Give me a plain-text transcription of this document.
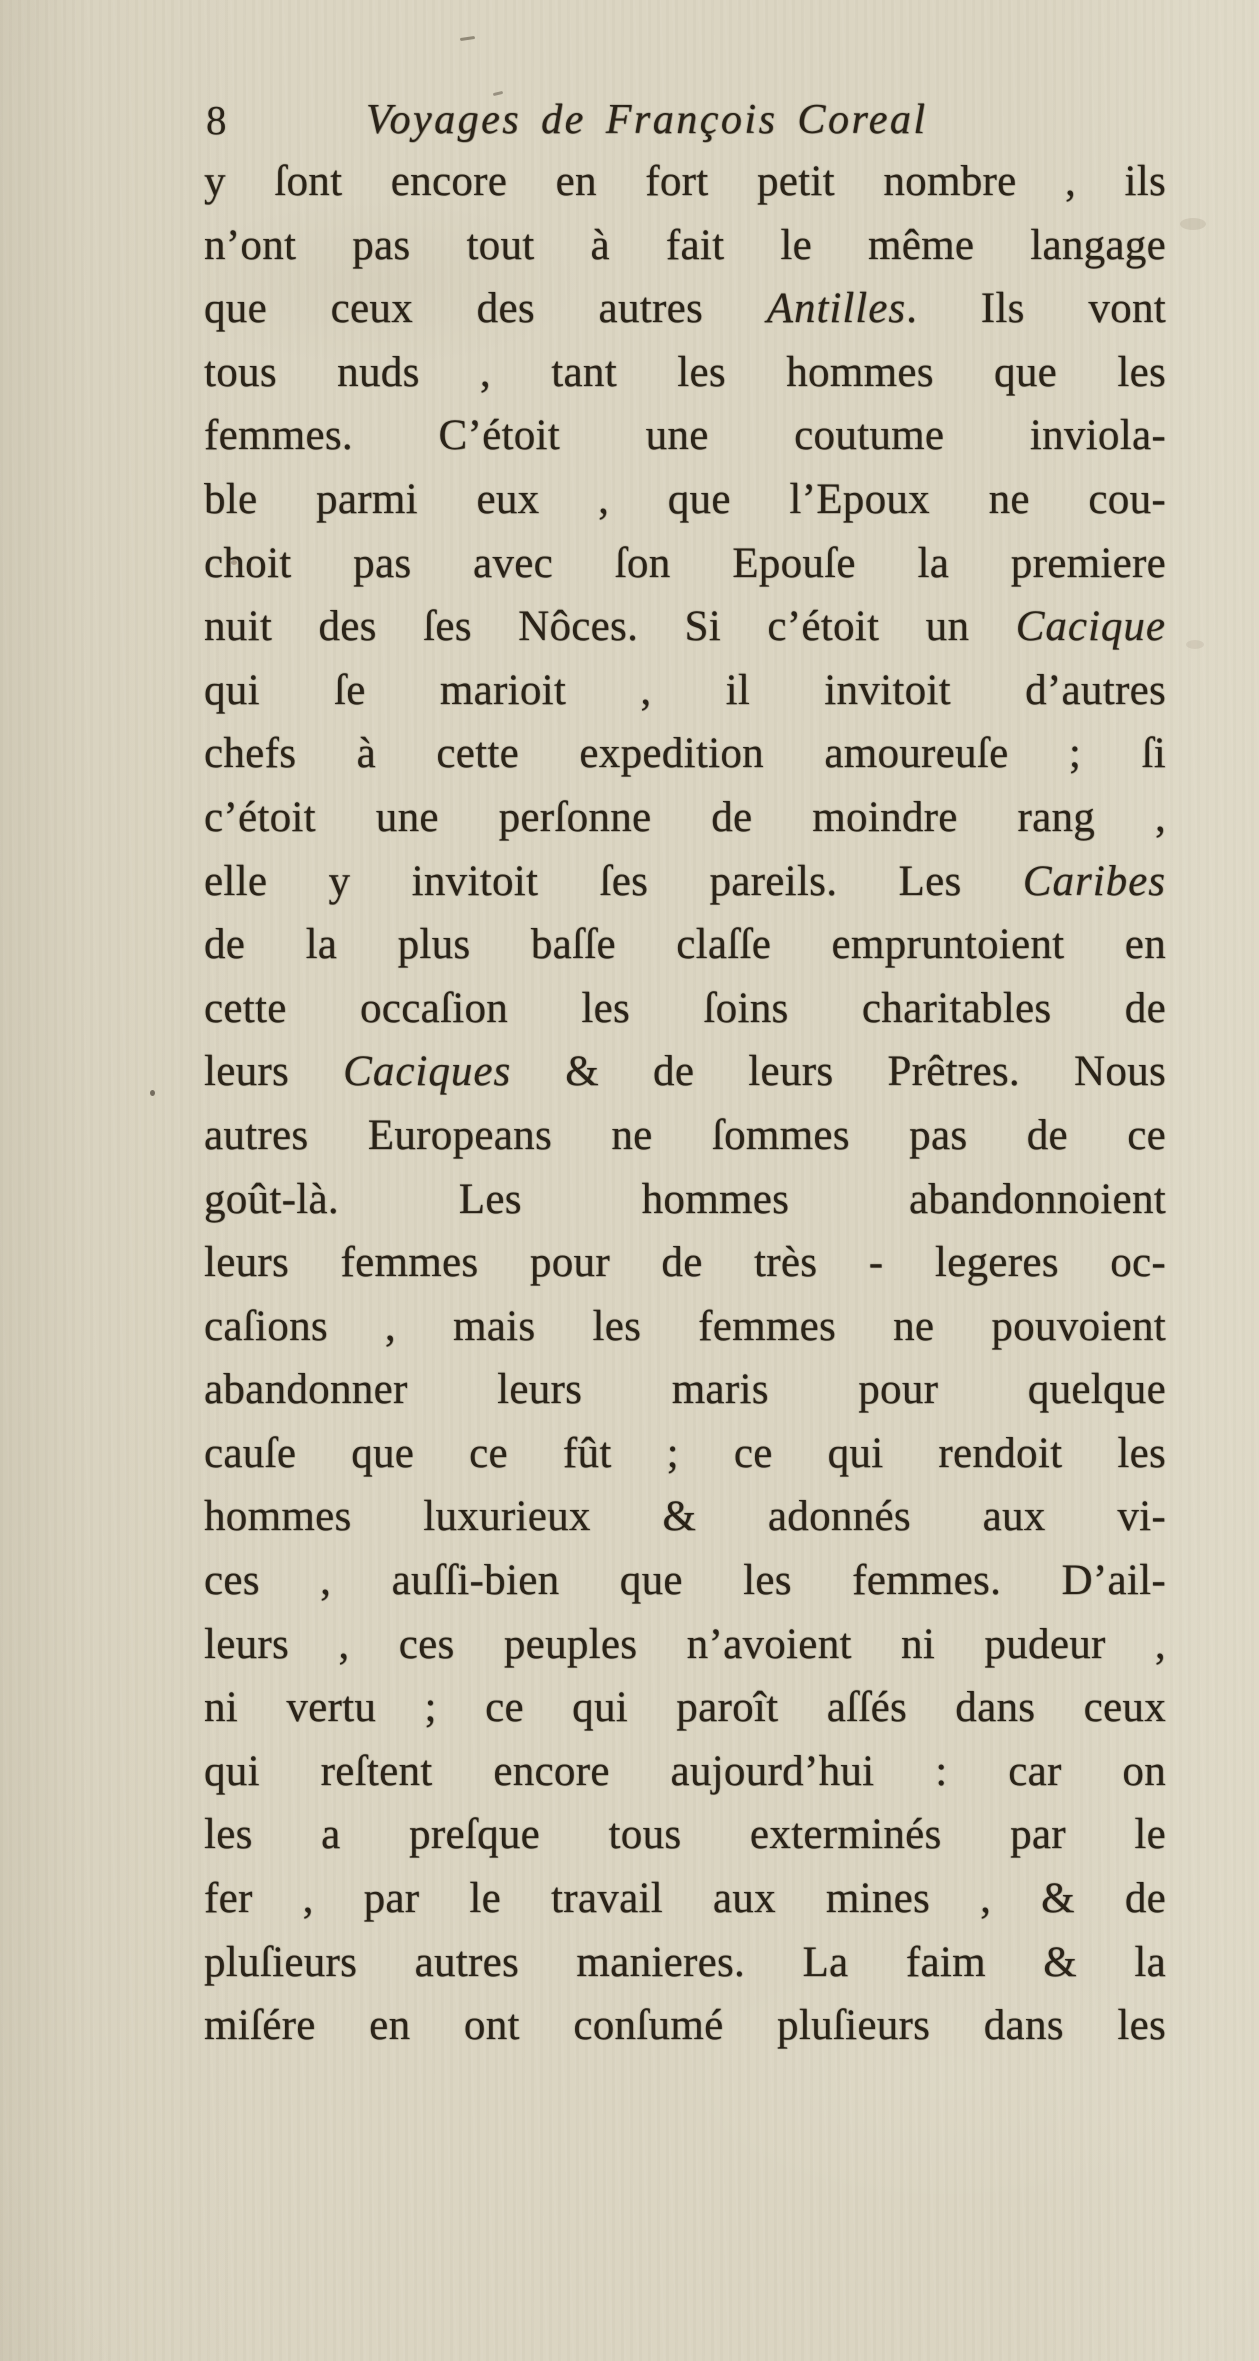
8	Voyages de François Coreal
y ſont encore en fort petit nombre , ils
n’ont pas tout à fait le même langage
que ceux des autres Antilles. Ils vont
tous nuds , tant les hommes que les
femmes. C’étoit une coutume inviola-
ble parmi eux , que l’Epoux ne cou-
choit pas avec ſon Epouſe la premiere
nuit des ſes Nôces. Si c’étoit un Cacique
qui ſe marioit , il invitoit d’autres
chefs à cette expedition amoureuſe ; ſi
c’étoit une perſonne de moindre rang ,
elle y invitoit ſes pareils. Les Caribes
de la plus baſſe claſſe empruntoient en
cette occaſion les ſoins charitables de
leurs Caciques & de leurs Prêtres. Nous
autres Europeans ne ſommes pas de ce
goût-là. Les hommes abandonnoient
leurs femmes pour de très - legeres oc-
caſions , mais les femmes ne pouvoient
abandonner leurs maris pour quelque
cauſe que ce fût ; ce qui rendoit les
hommes luxurieux & adonnés aux vi-
ces , auſſi-bien que les femmes. D’ail-
leurs , ces peuples n’avoient ni pudeur ,
ni vertu ; ce qui paroît aſſés dans ceux
qui reſtent encore aujourd’hui : car on
les a preſque tous exterminés par le
fer , par le travail aux mines , & de
pluſieurs autres manieres. La faim & la
miſére en ont conſumé pluſieurs dans les
